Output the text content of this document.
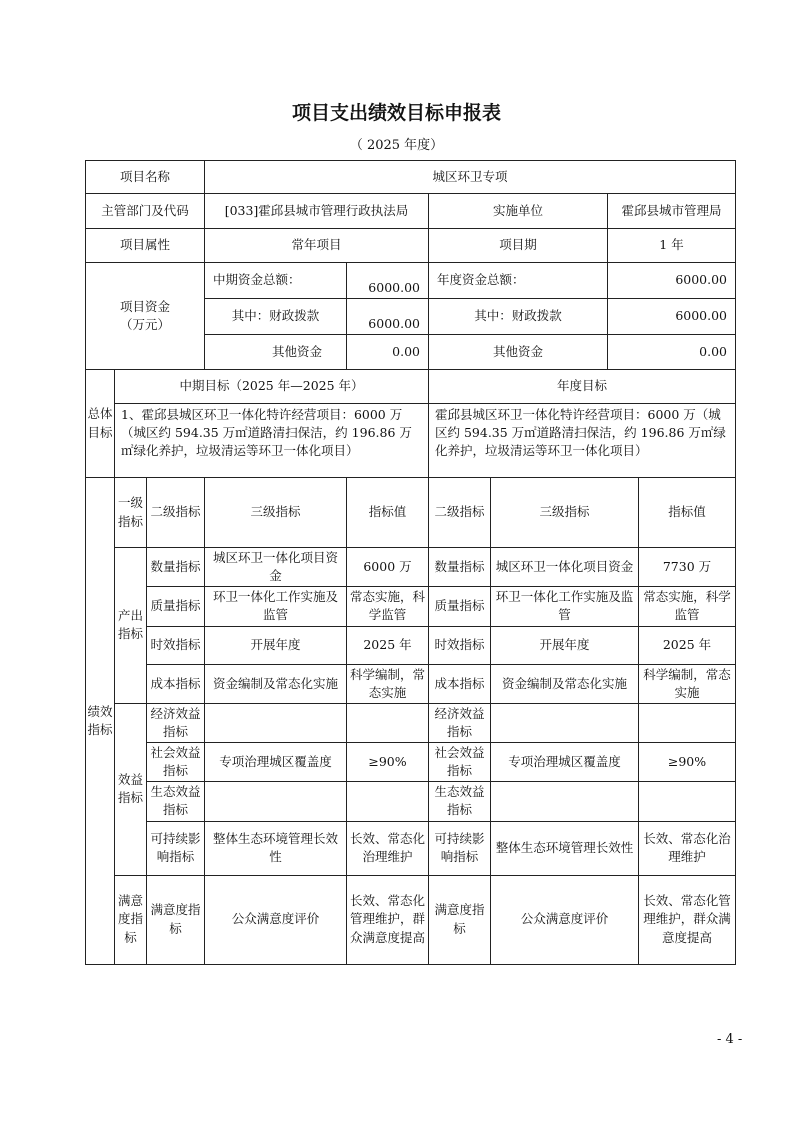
项目支出绩效目标申报表
（ 2025 年度）
项目名称	城区环卫专项			
主管部门及代码	[033]霍邱县城市管理行政执法局		实施单位	霍邱县城市管理局
项目属性	常年项目		项目期	1 年
项目资金（万元）	中期资金总额：	6000.00	年度资金总额：	6000.00
	其中：财政拨款	6000.00	其中：财政拨款	6000.00
	其他资金	0.00	其他资金	0.00
总体目标	中期目标（2025 年—2025 年）	年度目标
	1、霍邱县城区环卫一体化特许经营项目：6000 万（城区约 594.35 万㎡道路清扫保洁，约 196.86 万㎡绿化养护，垃圾清运等环卫一体化项目）	霍邱县城区环卫一体化特许经营项目：6000 万（城区约 594.35 万㎡道路清扫保洁，约 196.86 万㎡绿化养护，垃圾清运等环卫一体化项目）
绩效指标	一级指标	二级指标	三级指标	指标值	二级指标	三级指标	指标值
	产出指标	数量指标	城区环卫一体化项目资金	6000 万	数量指标	城区环卫一体化项目资金	7730 万
		质量指标	环卫一体化工作实施及监管	常态实施，科学监管	质量指标	环卫一体化工作实施及监管	常态实施，科学监管
		时效指标	开展年度	2025 年	时效指标	开展年度	2025 年
		成本指标	资金编制及常态化实施	科学编制，常态实施	成本指标	资金编制及常态化实施	科学编制，常态实施
	效益指标	经济效益指标			经济效益指标		
		社会效益指标	专项治理城区覆盖度	≥90%	社会效益指标	专项治理城区覆盖度	≥90%
		生态效益指标			生态效益指标		
		可持续影响指标	整体生态环境管理长效性	长效、常态化治理维护	可持续影响指标	整体生态环境管理长效性	长效、常态化治理维护
	满意度指标	满意度指标	公众满意度评价	长效、常态化管理维护，群众满意度提高	满意度指标	公众满意度评价	长效、常态化管理维护，群众满意度提高
- 4 -
